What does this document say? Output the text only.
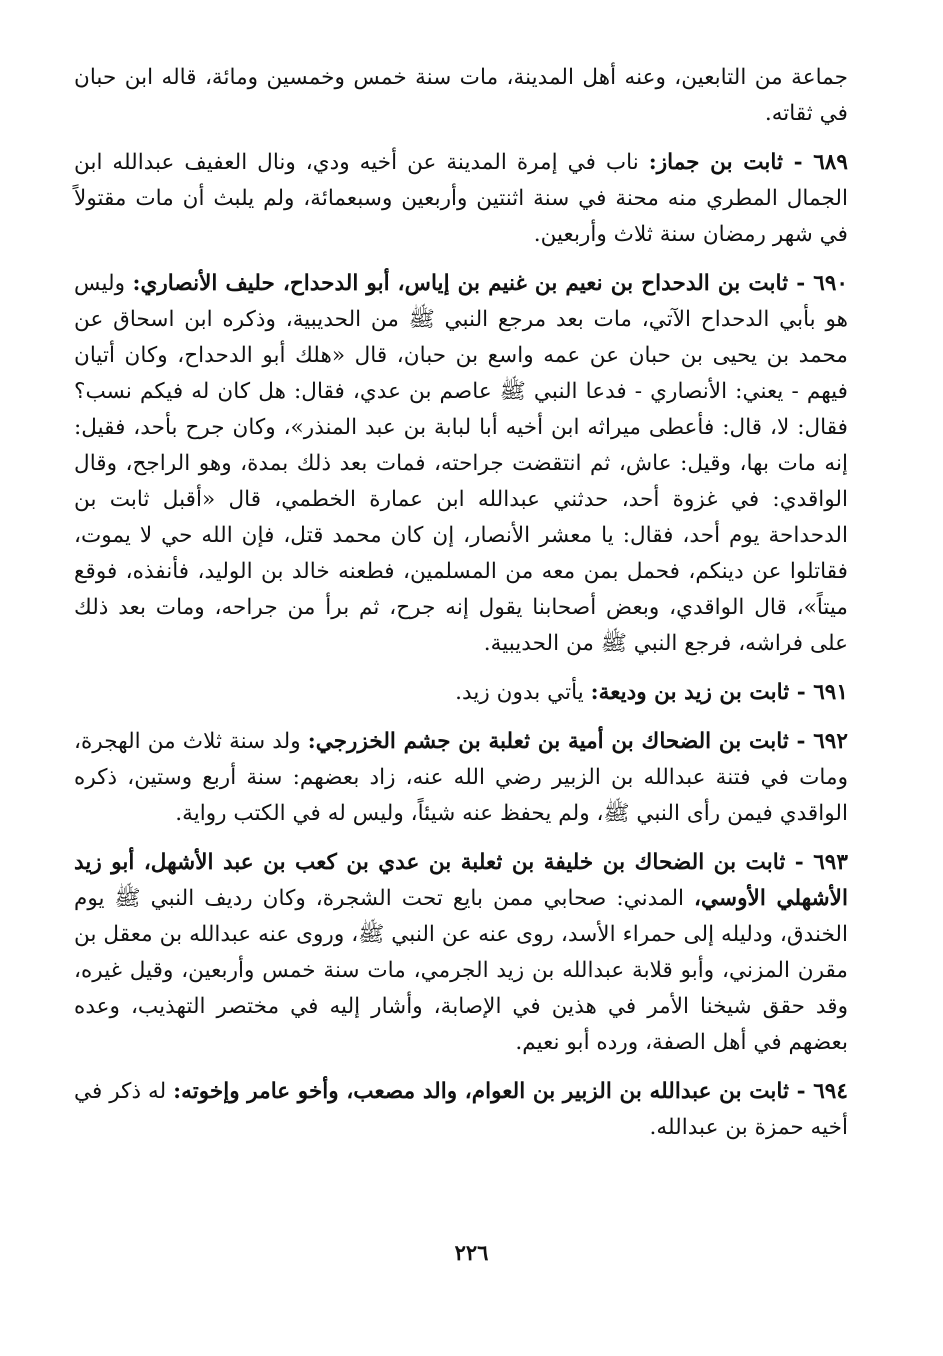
جماعة من التابعين، وعنه أهل المدينة، مات سنة خمس وخمسين ومائة، قاله ابن حبان في ثقاته.

٦٨٩ - ثابت بن جماز: ناب في إمرة المدينة عن أخيه ودي، ونال العفيف عبدالله ابن الجمال المطري منه محنة في سنة اثنتين وأربعين وسبعمائة، ولم يلبث أن مات مقتولاً في شهر رمضان سنة ثلاث وأربعين.

٦٩٠ - ثابت بن الدحداح بن نعيم بن غنيم بن إياس، أبو الدحداح، حليف الأنصاري: وليس هو بأبي الدحداح الآتي، مات بعد مرجع النبي ﷺ من الحديبية، وذكره ابن اسحاق عن محمد بن يحيى بن حبان عن عمه واسع بن حبان، قال «هلك أبو الدحداح، وكان أتيان فيهم - يعني: الأنصاري - فدعا النبي ﷺ عاصم بن عدي، فقال: هل كان له فيكم نسب؟ فقال: لا، قال: فأعطى ميراثه ابن أخيه أبا لبابة بن عبد المنذر»، وكان جرح بأحد، فقيل: إنه مات بها، وقيل: عاش، ثم انتقضت جراحته، فمات بعد ذلك بمدة، وهو الراجح، وقال الواقدي: في غزوة أحد، حدثني عبدالله ابن عمارة الخطمي، قال «أقبل ثابت بن الدحداحة يوم أحد، فقال: يا معشر الأنصار، إن كان محمد قتل، فإن الله حي لا يموت، فقاتلوا عن دينكم، فحمل بمن معه من المسلمين، فطعنه خالد بن الوليد، فأنفذه، فوقع ميتاً»، قال الواقدي، وبعض أصحابنا يقول إنه جرح، ثم برأ من جراحه، ومات بعد ذلك على فراشه، فرجع النبي ﷺ من الحديبية.

٦٩١ - ثابت بن زيد بن وديعة: يأتي بدون زيد.

٦٩٢ - ثابت بن الضحاك بن أمية بن ثعلبة بن جشم الخزرجي: ولد سنة ثلاث من الهجرة، ومات في فتنة عبدالله بن الزبير رضي الله عنه، زاد بعضهم: سنة أربع وستين، ذكره الواقدي فيمن رأى النبي ﷺ، ولم يحفظ عنه شيئاً، وليس له في الكتب رواية.

٦٩٣ - ثابت بن الضحاك بن خليفة بن ثعلبة بن عدي بن كعب بن عبد الأشهل، أبو زيد الأشهلي الأوسي، المدني: صحابي ممن بايع تحت الشجرة، وكان رديف النبي ﷺ يوم الخندق، ودليله إلى حمراء الأسد، روى عنه عن النبي ﷺ، وروى عنه عبدالله بن معقل بن مقرن المزني، وأبو قلابة عبدالله بن زيد الجرمي، مات سنة خمس وأربعين، وقيل غيره، وقد حقق شيخنا الأمر في هذين في الإصابة، وأشار إليه في مختصر التهذيب، وعده بعضهم في أهل الصفة، ورده أبو نعيم.

٦٩٤ - ثابت بن عبدالله بن الزبير بن العوام، والد مصعب، وأخو عامر وإخوته: له ذكر في أخيه حمزة بن عبدالله.

٢٢٦
